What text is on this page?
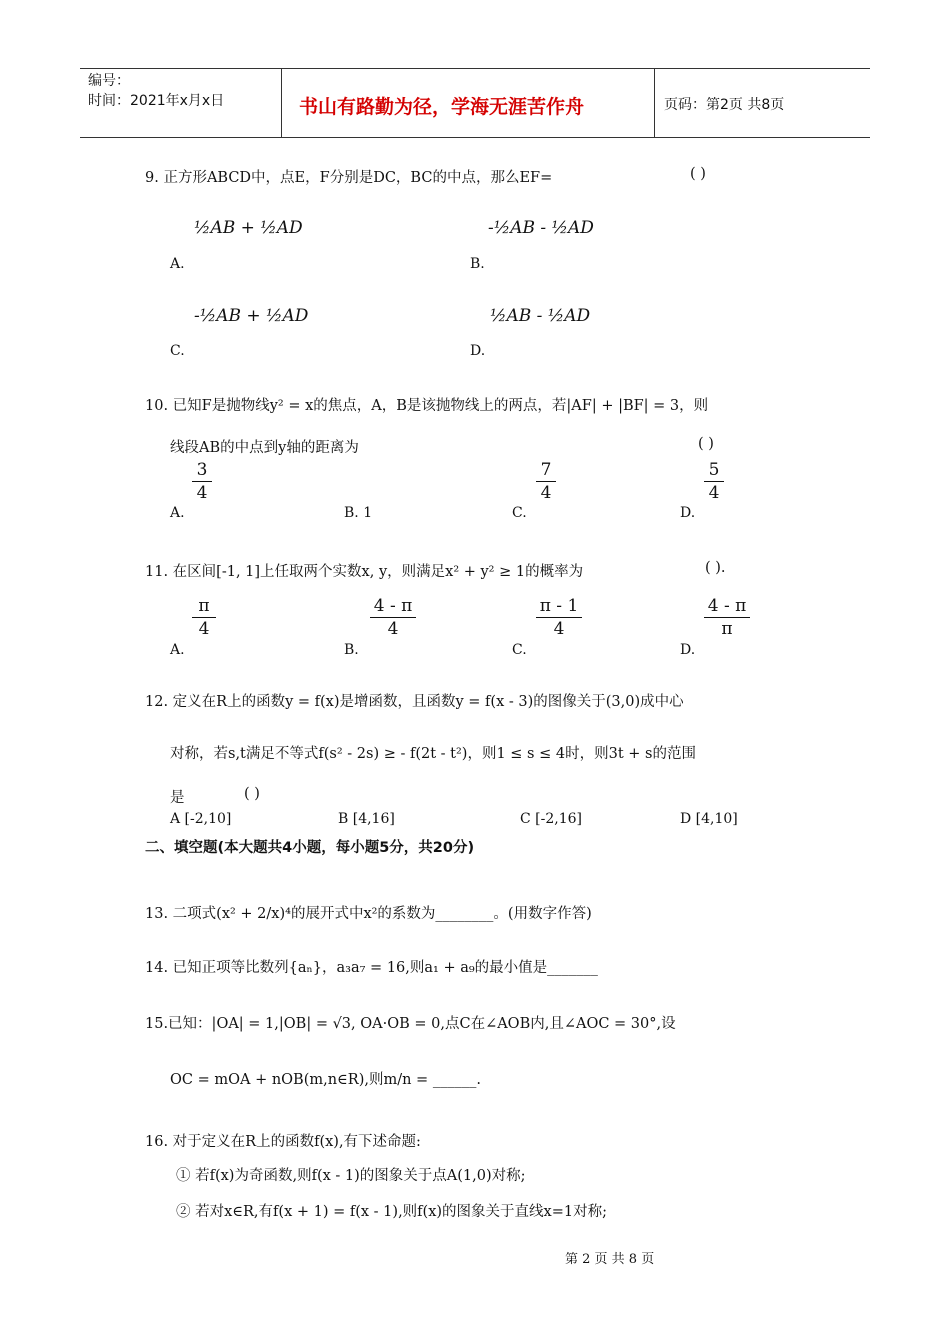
编号：
时间：2021年x月x日	书山有路勤为径，学海无涯苦作舟	页码：第2页 共8页
9. 正方形ABCD中，点E，F分别是DC，BC的中点，那么EF=	( )
½AB + ½AD
A.
-½AB - ½AD
B.
-½AB + ½AD
C.
½AB - ½AD
D.
10. 已知F是抛物线y² = x的焦点，A，B是该抛物线上的两点，若|AF| + |BF| = 3，则
线段AB的中点到y轴的距离为	( )
3
4
A.	B. 1
7
4
C.
5
4
D.
11. 在区间[-1, 1]上任取两个实数x, y，则满足x² + y² ≥ 1的概率为	( ).
π
4
A.
4 - π
4
B.
π - 1
4
C.
4 - π
π
D.
12. 定义在R上的函数y = f(x)是增函数，且函数y = f(x - 3)的图像关于(3,0)成中心
对称，若s,t满足不等式f(s² - 2s) ≥ - f(2t - t²)，则1 ≤ s ≤ 4时，则3t + s的范围
是	( )
A [-2,10]	B [4,16]	C [-2,16]	D [4,10]
二、填空题(本大题共4小题，每小题5分，共20分)
13. 二项式(x² + 2/x)⁴的展开式中x²的系数为________。(用数字作答)
14. 已知正项等比数列{aₙ}，a₃a₇ = 16,则a₁ + a₉的最小值是_______
15.已知：|OA| = 1,|OB| = √3, OA·OB = 0,点C在∠AOB内,且∠AOC = 30°,设
OC = mOA + nOB(m,n∈R),则m/n = ______.
16. 对于定义在R上的函数f(x),有下述命题:
① 若f(x)为奇函数,则f(x - 1)的图象关于点A(1,0)对称;
② 若对x∈R,有f(x + 1) = f(x - 1),则f(x)的图象关于直线x=1对称;
第 2 页 共 8 页
